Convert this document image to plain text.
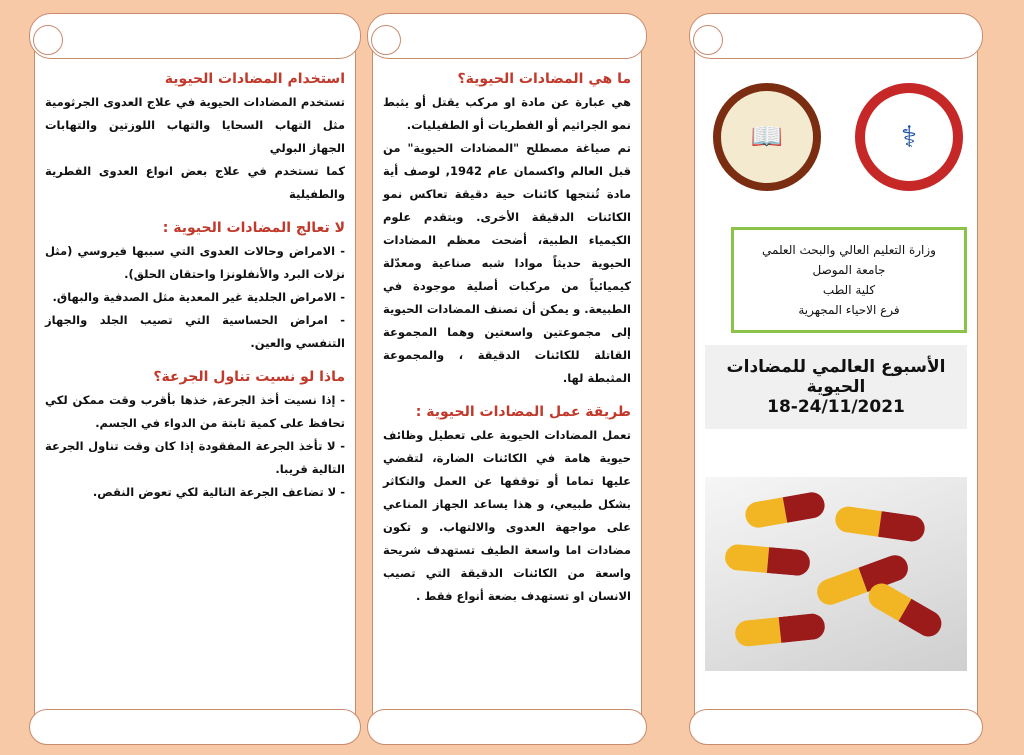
استخدام المضادات الحيوية

تستخدم المضادات الحيوية في علاج العدوى الجرثومية مثل التهاب السحايا والتهاب اللوزتين والتهابات الجهاز البولي

كما تستخدم في علاج بعض انواع العدوى الفطرية والطفيلية

لا تعالج المضادات الحيوية :

- الامراض وحالات العدوى التي سببها فيروسي (مثل نزلات البرد والأنفلونزا واحتقان الحلق).

- الامراض الجلدية غير المعدية مثل الصدفية والبهاق.

- امراض الحساسية التي تصيب الجلد والجهاز التنفسي والعين.

ماذا لو نسيت تناول الجرعة؟

- إذا نسيت أخذ الجرعة, خذها بأقرب وقت ممكن لكي تحافظ على كمية ثابتة من الدواء في الجسم.

- لا تأخذ الجرعة المفقودة إذا كان وقت تناول الجرعة التالية قريبا.

- لا تضاعف الجرعة التالية لكي تعوض النقص.

ما هي المضادات الحيوية؟

هي عبارة عن مادة او مركب يقتل أو يثبط نمو الجراثيم أو الفطريات أو الطفيليات.

تم صياغة مصطلح "المضادات الحيوية" من قبل العالم واكسمان عام 1942, لوصف أية مادة تُنتجها كائنات حية دقيقة تعاكس نمو الكائنات الدقيقة الأخرى. وبتقدم علوم الكيمياء الطبية، أضحت معظم المضادات الحيوية حديثاً موادا شبه صناعية ومعدّلة كيميائياً من مركبات أصلية موجودة في الطبيعة. و يمكن أن تصنف المضادات الحيوية إلى مجموعتين واسعتين وهما المجموعة القاتلة للكائنات الدقيقة ، والمجموعة المثبطة لها.

طريقة عمل المضادات الحيوية :

تعمل المضادات الحيوية على تعطيل وظائف حيوية هامة في الكائنات الضارة، لتقضي عليها تماما أو توقفها عن العمل والتكاثر بشكل طبيعي، و هذا يساعد الجهاز المناعي على مواجهة العدوى والالتهاب. و تكون مضادات اما واسعة الطيف تستهدف شريحة واسعة من الكائنات الدقيقة التي تصيب الانسان او تستهدف بضعة أنواع فقط .

⚕
📖
وزارة التعليم العالي والبحث العلمي
جامعة الموصل
كلية الطب
فرع الاحياء المجهرية
الأسبوع العالمي للمضادات الحيوية
18-24/11/2021
